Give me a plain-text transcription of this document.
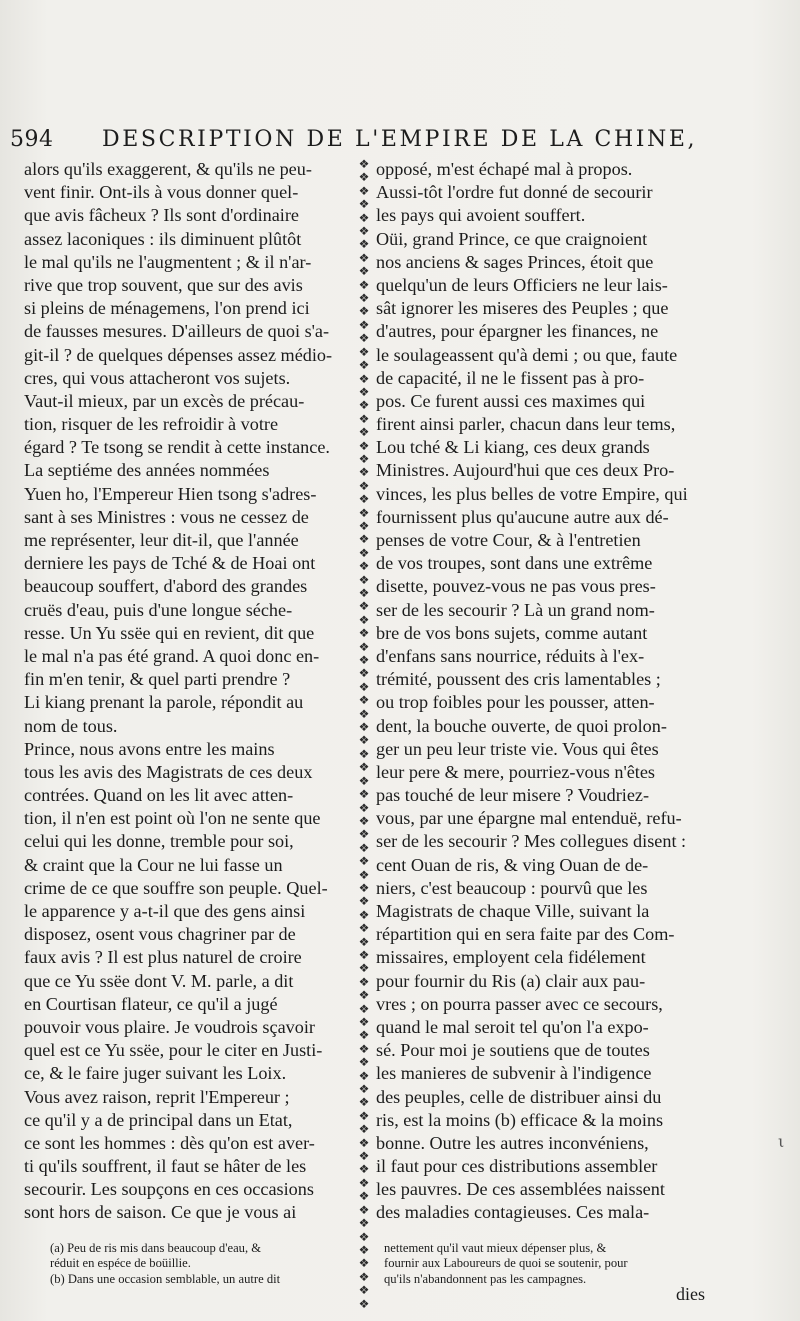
594 DESCRIPTION DE L'EMPIRE DE LA CHINE,
alors qu'ils exaggerent, & qu'ils ne peu-
vent finir. Ont-ils à vous donner quel-
que avis fâcheux ? Ils sont d'ordinaire
assez laconiques : ils diminuent plûtôt
le mal qu'ils ne l'augmentent ; & il n'ar-
rive que trop souvent, que sur des avis
si pleins de ménagemens, l'on prend ici
de fausses mesures. D'ailleurs de quoi s'a-
git-il ? de quelques dépenses assez médio-
cres, qui vous attacheront vos sujets.
Vaut-il mieux, par un excès de précau-
tion, risquer de les refroidir à votre
égard ? Te tsong se rendit à cette instance.
La septiéme des années nommées
Yuen ho, l'Empereur Hien tsong s'adres-
sant à ses Ministres : vous ne cessez de
me représenter, leur dit-il, que l'année
derniere les pays de Tché & de Hoai ont
beaucoup souffert, d'abord des grandes
cruës d'eau, puis d'une longue séche-
resse. Un Yu ssëe qui en revient, dit que
le mal n'a pas été grand. A quoi donc en-
fin m'en tenir, & quel parti prendre ?
Li kiang prenant la parole, répondit au
nom de tous.
Prince, nous avons entre les mains
tous les avis des Magistrats de ces deux
contrées. Quand on les lit avec atten-
tion, il n'en est point où l'on ne sente que
celui qui les donne, tremble pour soi,
& craint que la Cour ne lui fasse un
crime de ce que souffre son peuple. Quel-
le apparence y a-t-il que des gens ainsi
disposez, osent vous chagriner par de
faux avis ? Il est plus naturel de croire
que ce Yu ssëe dont V. M. parle, a dit
en Courtisan flateur, ce qu'il a jugé
pouvoir vous plaire. Je voudrois sçavoir
quel est ce Yu ssëe, pour le citer en Justi-
ce, & le faire juger suivant les Loix.
Vous avez raison, reprit l'Empereur ;
ce qu'il y a de principal dans un Etat,
ce sont les hommes : dès qu'on est aver-
ti qu'ils souffrent, il faut se hâter de les
secourir. Les soupçons en ces occasions
sont hors de saison. Ce que je vous ai
❖
❖
❖
❖
❖
❖
❖
❖
❖
❖
❖
❖
❖
❖
❖
❖
❖
❖
❖
❖
❖
❖
❖
❖
❖
❖
❖
❖
❖
❖
❖
❖
❖
❖
❖
❖
❖
❖
❖
❖
❖
❖
❖
❖
❖
❖
❖
❖
❖
❖
❖
❖
❖
❖
❖
❖
❖
❖
❖
❖
❖
❖
❖
❖
❖
❖
❖
❖
❖
❖
❖
❖
❖
❖
❖
❖
❖
❖
❖
❖
❖
❖
❖
❖
❖
❖
opposé, m'est échapé mal à propos.
Aussi-tôt l'ordre fut donné de secourir
les pays qui avoient souffert.
Oüi, grand Prince, ce que craignoient
nos anciens & sages Princes, étoit que
quelqu'un de leurs Officiers ne leur lais-
sât ignorer les miseres des Peuples ; que
d'autres, pour épargner les finances, ne
le soulageassent qu'à demi ; ou que, faute
de capacité, il ne le fissent pas à pro-
pos. Ce furent aussi ces maximes qui
firent ainsi parler, chacun dans leur tems,
Lou tché & Li kiang, ces deux grands
Ministres. Aujourd'hui que ces deux Pro-
vinces, les plus belles de votre Empire, qui
fournissent plus qu'aucune autre aux dé-
penses de votre Cour, & à l'entretien
de vos troupes, sont dans une extrême
disette, pouvez-vous ne pas vous pres-
ser de les secourir ? Là un grand nom-
bre de vos bons sujets, comme autant
d'enfans sans nourrice, réduits à l'ex-
trémité, poussent des cris lamentables ;
ou trop foibles pour les pousser, atten-
dent, la bouche ouverte, de quoi prolon-
ger un peu leur triste vie. Vous qui êtes
leur pere & mere, pourriez-vous n'êtes
pas touché de leur misere ? Voudriez-
vous, par une épargne mal entenduë, refu-
ser de les secourir ? Mes collegues disent :
cent Ouan de ris, & ving Ouan de de-
niers, c'est beaucoup : pourvû que les
Magistrats de chaque Ville, suivant la
répartition qui en sera faite par des Com-
missaires, employent cela fidélement
pour fournir du Ris (a) clair aux pau-
vres ; on pourra passer avec ce secours,
quand le mal seroit tel qu'on l'a expo-
sé. Pour moi je soutiens que de toutes
les manieres de subvenir à l'indigence
des peuples, celle de distribuer ainsi du
ris, est la moins (b) efficace & la moins
bonne. Outre les autres inconvéniens,
il faut pour ces distributions assembler
les pauvres. De ces assemblées naissent
des maladies contagieuses. Ces mala-
(a) Peu de ris mis dans beaucoup d'eau, &
réduit en espéce de boüillie.
(b) Dans une occasion semblable, un autre dit
nettement qu'il vaut mieux dépenser plus, &
fournir aux Laboureurs de quoi se soutenir, pour
qu'ils n'abandonnent pas les campagnes.
ι
dies
